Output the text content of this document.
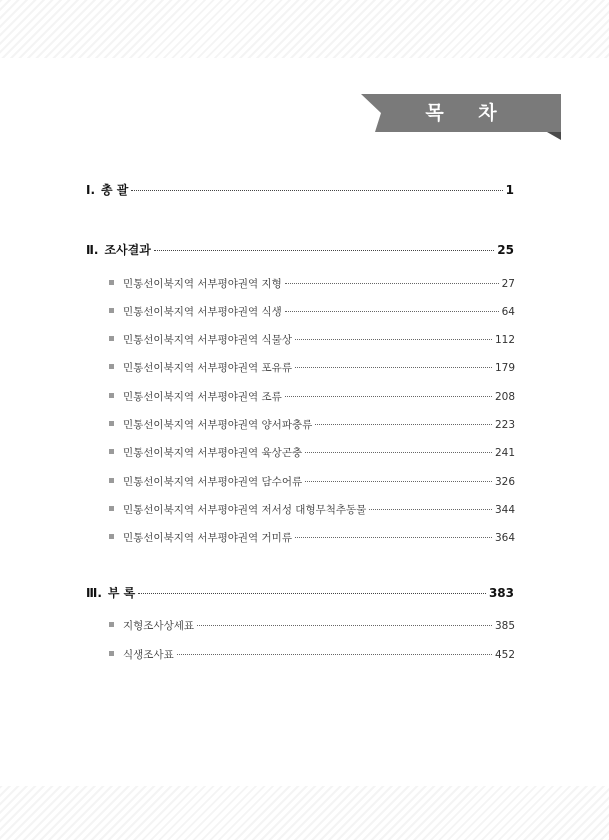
목 차
Ⅰ. 총 괄	1
Ⅱ. 조사결과	25
민통선이북지역 서부평야권역 지형	27
민통선이북지역 서부평야권역 식생	64
민통선이북지역 서부평야권역 식물상	112
민통선이북지역 서부평야권역 포유류	179
민통선이북지역 서부평야권역 조류	208
민통선이북지역 서부평야권역 양서파충류	223
민통선이북지역 서부평야권역 육상곤충	241
민통선이북지역 서부평야권역 담수어류	326
민통선이북지역 서부평야권역 저서성 대형무척추동물	344
민통선이북지역 서부평야권역 거미류	364
Ⅲ. 부 록	383
지형조사상세표	385
식생조사표	452
